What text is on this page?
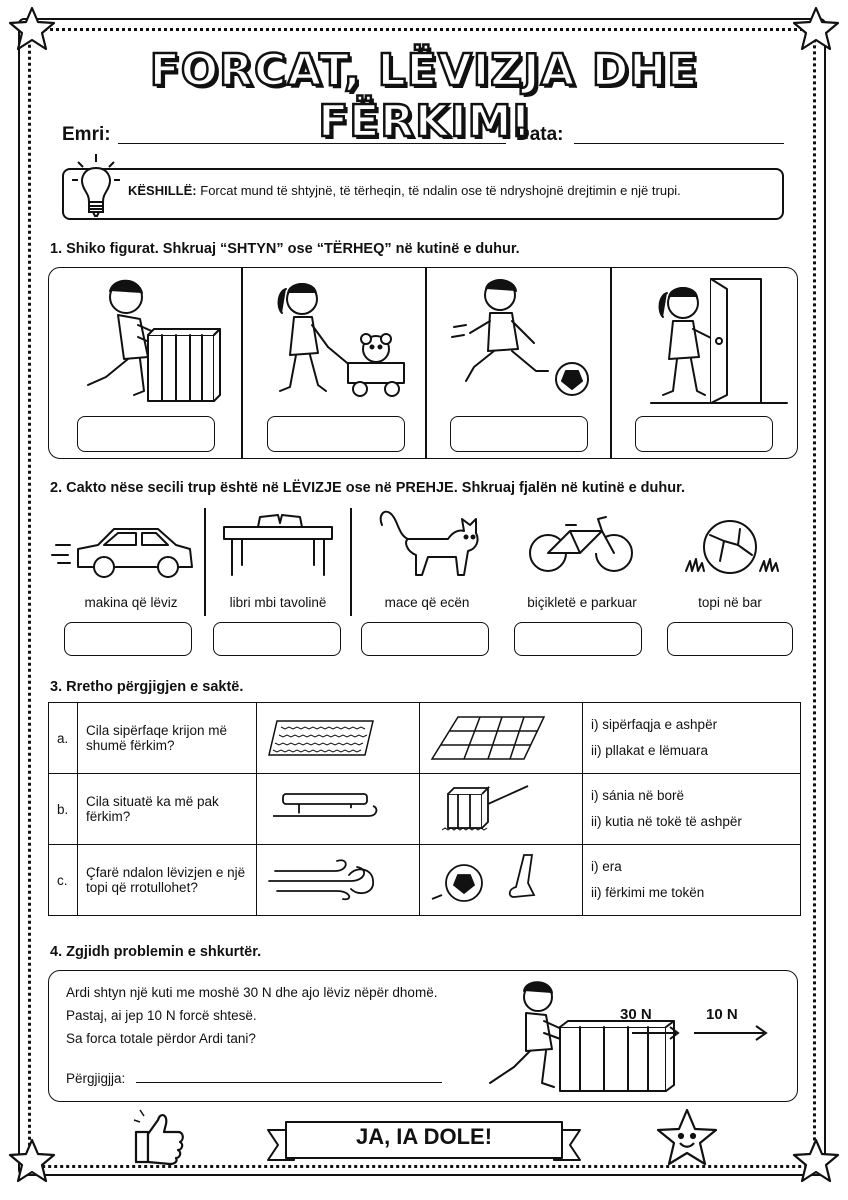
FORCAT, LËVIZJA DHE FËRKIMI
Emri:	Data:
KËSHILLË: Forcat mund të shtyjnë, të tërheqin, të ndalin ose të ndryshojnë drejtimin e një trupi.
1. Shiko figurat. Shkruaj “SHTYN” ose “TËRHEQ” në kutinë e duhur.
2. Cakto nëse secili trup është në LËVIZJE ose në PREHJE. Shkruaj fjalën në kutinë e duhur.
makina që lëviz	libri mbi tavolinë	mace që ecën	biçikletë e parkuar	topi në bar
3. Rretho përgjigjen e saktë.
a.	Cila sipërfaqe krijon më shumë fërkim?			i) sipërfaqja e ashpër
ii) pllakat e lëmuara

b.	Cila situatë ka më pak fërkim?			i) sánia në borë
ii) kutia në tokë të ashpër

c.	Çfarë ndalon lëvizjen e një topi që rrotullohet?			i) era
ii) fërkimi me tokën
4. Zgjidh problemin e shkurtër.
Ardi shtyn një kuti me moshë 30 N dhe ajo lëviz nëpër dhomë.
Pastaj, ai jep 10 N forcë shtesë.
Sa forca totale përdor Ardi tani?
Përgjigjja:
30 N	10 N
JA, IA DOLE!
